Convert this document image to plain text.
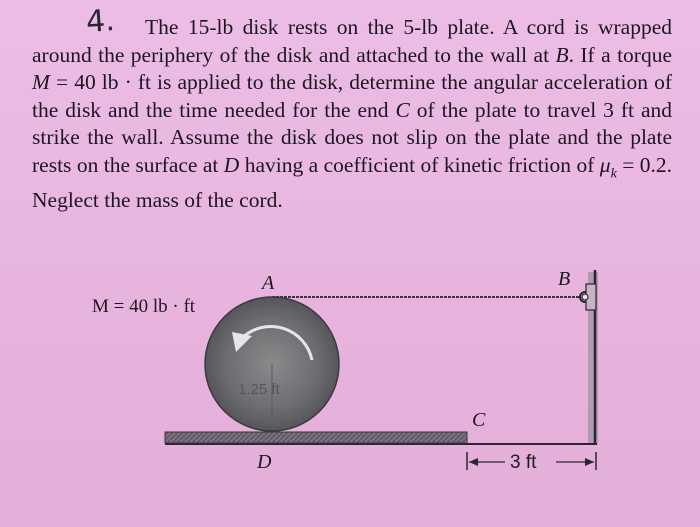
4.	The 15-lb disk rests on the 5-lb plate. A cord is wrapped around the periphery of the disk and attached to the wall at B. If a torque M = 40 lb · ft is applied to the disk, determine the angular acceleration of the disk and the time needed for the end C of the plate to travel 3 ft and strike the wall. Assume the disk does not slip on the plate and the plate rests on the surface at D having a coefficient of kinetic friction of $\mu_k = 0.2$. Neglect the mass of the cord.

1.25 ft
A	B
C
D
M = 40 lb · ft
3 ft
